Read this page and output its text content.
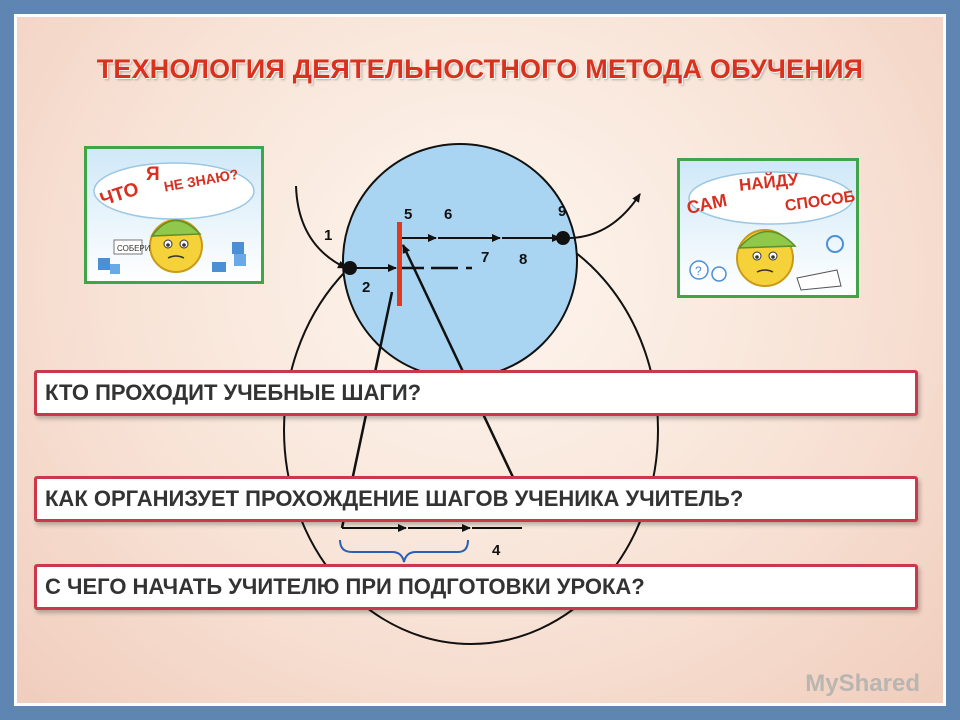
ТЕХНОЛОГИЯ ДЕЯТЕЛЬНОСТНОГО МЕТОДА ОБУЧЕНИЯ
ЧТО
Я НЕ ЗНАЮ?
СОБЕРИ
САМ
НАЙДУ
СПОСОБ
?
1
2
5 6
7 8
9
4
КТО ПРОХОДИТ УЧЕБНЫЕ ШАГИ?
КАК ОРГАНИЗУЕТ ПРОХОЖДЕНИЕ ШАГОВ УЧЕНИКА УЧИТЕЛЬ?
С ЧЕГО НАЧАТЬ УЧИТЕЛЮ ПРИ ПОДГОТОВКИ УРОКА?
MyShared
